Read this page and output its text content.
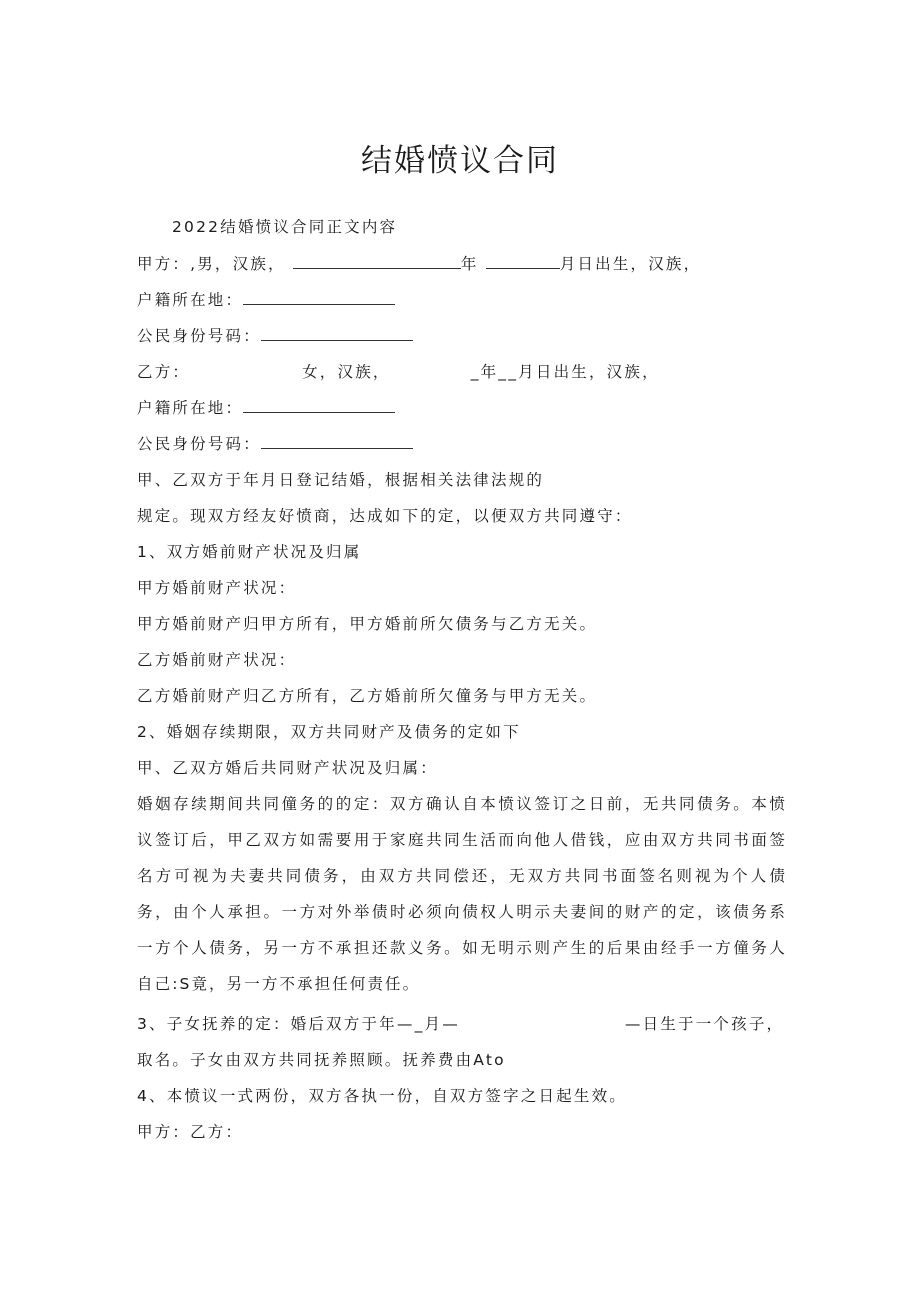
结婚愤议合同
2022结婚愤议合同正文内容
甲方：,男，汉族，	年	月日出生，汉族，
户籍所在地：
公民身份号码：
乙方：	女，汉族，	_年__月日出生，汉族，
户籍所在地：
公民身份号码：
甲、乙双方于年月日登记结婚，根据相关法律法规的
规定。现双方经友好愤商，达成如下的定，以便双方共同遵守：
1、双方婚前财产状况及归属
甲方婚前财产状况：
甲方婚前财产归甲方所有，甲方婚前所欠债务与乙方无关。
乙方婚前财产状况：
乙方婚前财产归乙方所有，乙方婚前所欠僮务与甲方无关。
2、婚姻存续期限，双方共同财产及债务的定如下
甲、乙双方婚后共同财产状况及归属：
婚姻存续期间共同僮务的的定：双方确认自本愤议签订之日前，无共同债务。本愤议签订后，甲乙双方如需要用于家庭共同生活而向他人借钱，应由双方共同书面签名方可视为夫妻共同债务，由双方共同偿还，无双方共同书面签名则视为个人债务，由个人承担。一方对外举债时必须向债权人明示夫妻间的财产的定，该债务系一方个人债务，另一方不承担还款义务。如无明示则产生的后果由经手一方僮务人自己:S竟，另一方不承担任何责任。
3、子女抚养的定：婚后双方于年—_月—	—日生于一个孩子，
取名。子女由双方共同抚养照顾。抚养费由Ato
4、本愤议一式两份，双方各执一份，自双方签字之日起生效。
甲方：乙方：
